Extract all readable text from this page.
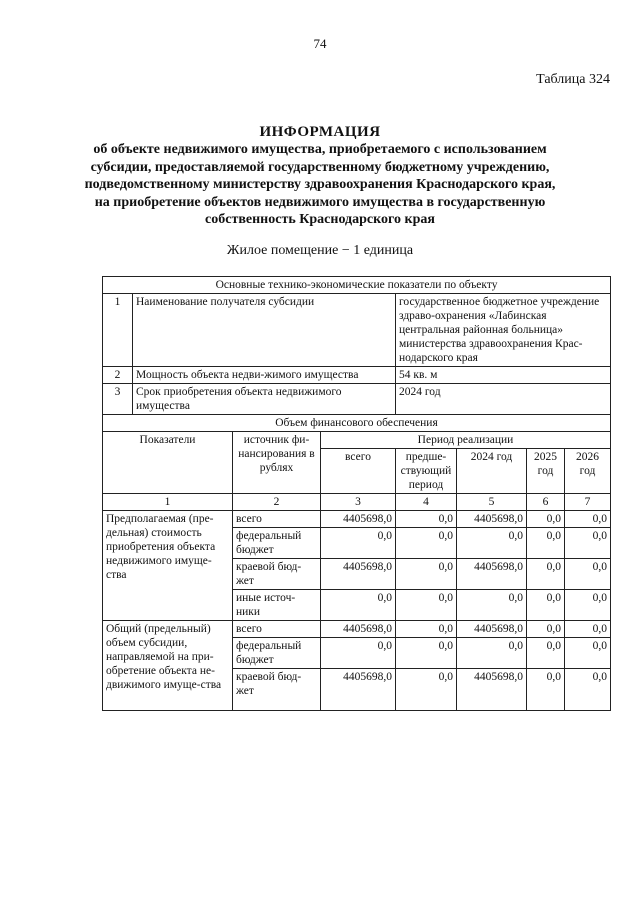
74
Таблица 324
ИНФОРМАЦИЯ
об объекте недвижимого имущества, приобретаемого с использованием
субсидии, предоставляемой государственному бюджетному учреждению,
подведомственному министерству здравоохранения Краснодарского края,
на приобретение объектов недвижимого имущества в государственную
собственность Краснодарского края
Жилое помещение − 1 единица
Основные технико-экономические показатели по объекту							
1	Наименование получателя субсидии			государственное бюджетное учреждение здраво-охранения «Лабинская центральная районная больница» министерства здравоохранения Крас-нодарского края			
2	Мощность объекта недви-жимого имущества			54 кв. м			
3	Срок приобретения объекта недвижимого имущества			2024 год			
Объем финансового обеспечения							
Показатели		источник фи-нансирования в рублях	Период реализации				
			всего	предше-ствующий период	2024 год	2025 год	2026 год
1		2	3	4	5	6	7
Предполагаемая (пре-дельная) стоимость приобретения объекта недвижимого имуще-ства		всего	4405698,0	0,0	4405698,0	0,0	0,0
		федеральный бюджет	0,0	0,0	0,0	0,0	0,0
		краевой бюд-жет	4405698,0	0,0	4405698,0	0,0	0,0
		иные источ-ники	0,0	0,0	0,0	0,0	0,0
Общий (предельный) объем субсидии, направляемой на при-обретение объекта не-движимого имуще-ства		всего	4405698,0	0,0	4405698,0	0,0	0,0
		федеральный бюджет	0,0	0,0	0,0	0,0	0,0
		краевой бюд-жет	4405698,0	0,0	4405698,0	0,0	0,0
